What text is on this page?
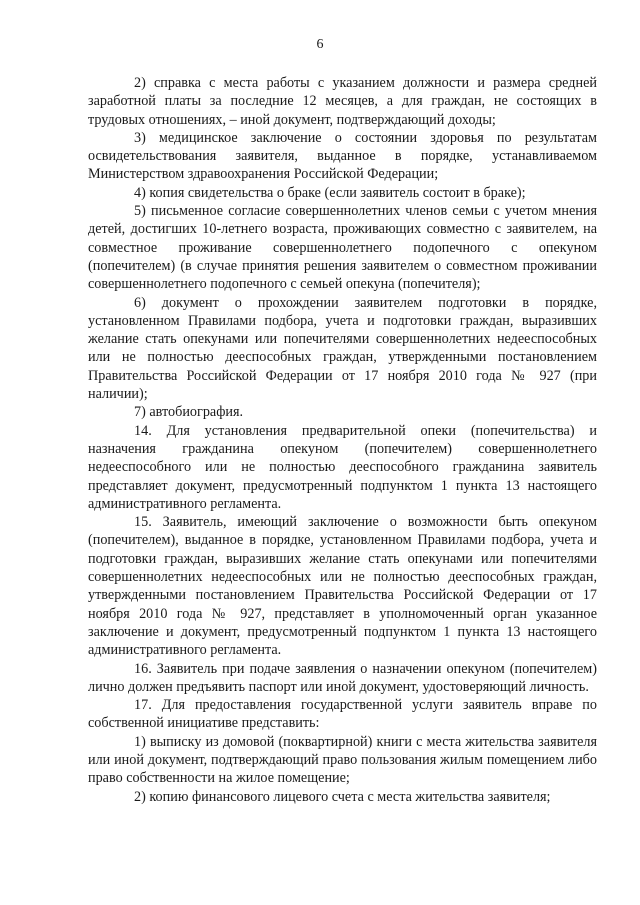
6

2) справка с места работы с указанием должности и размера средней заработной платы за последние 12 месяцев, а для граждан, не состоящих в трудовых отношениях, – иной документ, подтверждающий доходы;

3) медицинское заключение о состоянии здоровья по результатам освидетельствования заявителя, выданное в порядке, устанавливаемом Министерством здравоохранения Российской Федерации;

4) копия свидетельства о браке (если заявитель состоит в браке);

5) письменное согласие совершеннолетних членов семьи с учетом мнения детей, достигших 10-летнего возраста, проживающих совместно с заявителем, на совместное проживание совершеннолетнего подопечного с опекуном (попечителем) (в случае принятия решения заявителем о совместном проживании совершеннолетнего подопечного с семьей опекуна (попечителя);

6) документ о прохождении заявителем подготовки в порядке, установленном Правилами подбора, учета и подготовки граждан, выразивших желание стать опекунами или попечителями совершеннолетних недееспособных или не полностью дееспособных граждан, утвержденными постановлением Правительства Российской Федерации от 17 ноября 2010 года № 927 (при наличии);

7) автобиография.

14. Для установления предварительной опеки (попечительства) и назначения гражданина опекуном (попечителем) совершеннолетнего недееспособного или не полностью дееспособного гражданина заявитель представляет документ, предусмотренный подпунктом 1 пункта 13 настоящего административного регламента.

15. Заявитель, имеющий заключение о возможности быть опекуном (попечителем), выданное в порядке, установленном Правилами подбора, учета и подготовки граждан, выразивших желание стать опекунами или попечителями совершеннолетних недееспособных или не полностью дееспособных граждан, утвержденными постановлением Правительства Российской Федерации от 17 ноября 2010 года № 927, представляет в уполномоченный орган указанное заключение и документ, предусмотренный подпунктом 1 пункта 13 настоящего административного регламента.

16. Заявитель при подаче заявления о назначении опекуном (попечителем) лично должен предъявить паспорт или иной документ, удостоверяющий личность.

17. Для предоставления государственной услуги заявитель вправе по собственной инициативе представить:

1) выписку из домовой (поквартирной) книги с места жительства заявителя или иной документ, подтверждающий право пользования жилым помещением либо право собственности на жилое помещение;

2) копию финансового лицевого счета с места жительства заявителя;
